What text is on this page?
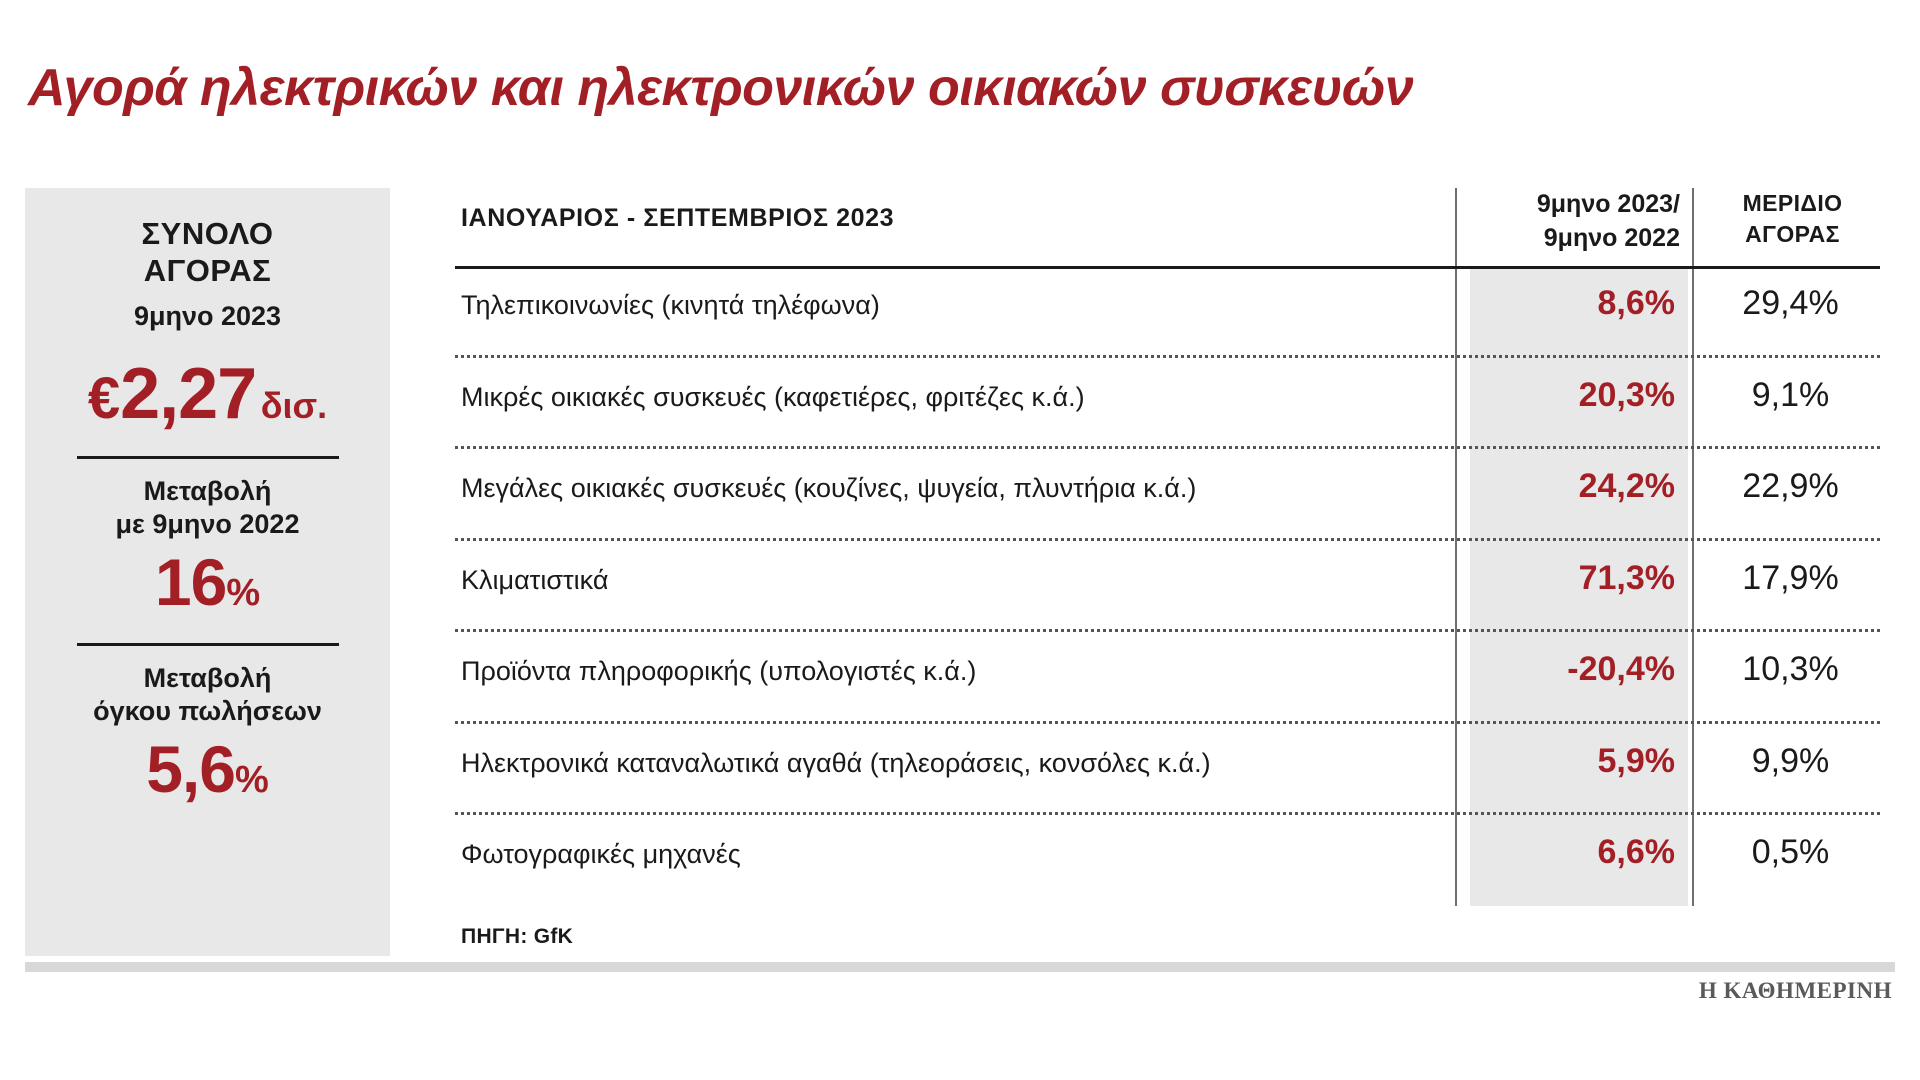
Αγορά ηλεκτρικών και ηλεκτρονικών οικιακών συσκευών
ΣΥΝΟΛΟ
ΑΓΟΡΑΣ
9μηνο 2023
€2,27 δισ.
Μεταβολή
με 9μηνο 2022
16%
Μεταβολή
όγκου πωλήσεων
5,6%
ΙΑΝΟΥΑΡΙΟΣ - ΣΕΠΤΕΜΒΡΙΟΣ 2023	9μηνο 2023/
9μηνο 2022
ΜΕΡΙΔΙΟ
ΑΓΟΡΑΣ
Τηλεπικοινωνίες (κινητά τηλέφωνα)	8,6%	29,4%
Μικρές οικιακές συσκευές (καφετιέρες, φριτέζες κ.ά.)	20,3%	9,1%
Μεγάλες οικιακές συσκευές (κουζίνες, ψυγεία, πλυντήρια κ.ά.)	24,2%	22,9%
Κλιματιστικά	71,3%	17,9%
Προϊόντα πληροφορικής (υπολογιστές κ.ά.)	-20,4%	10,3%
Ηλεκτρονικά καταναλωτικά αγαθά (τηλεοράσεις, κονσόλες κ.ά.)	5,9%	9,9%
Φωτογραφικές μηχανές	6,6%	0,5%
ΠΗΓΗ: GfK
Η ΚΑΘΗΜΕΡΙΝΗ
